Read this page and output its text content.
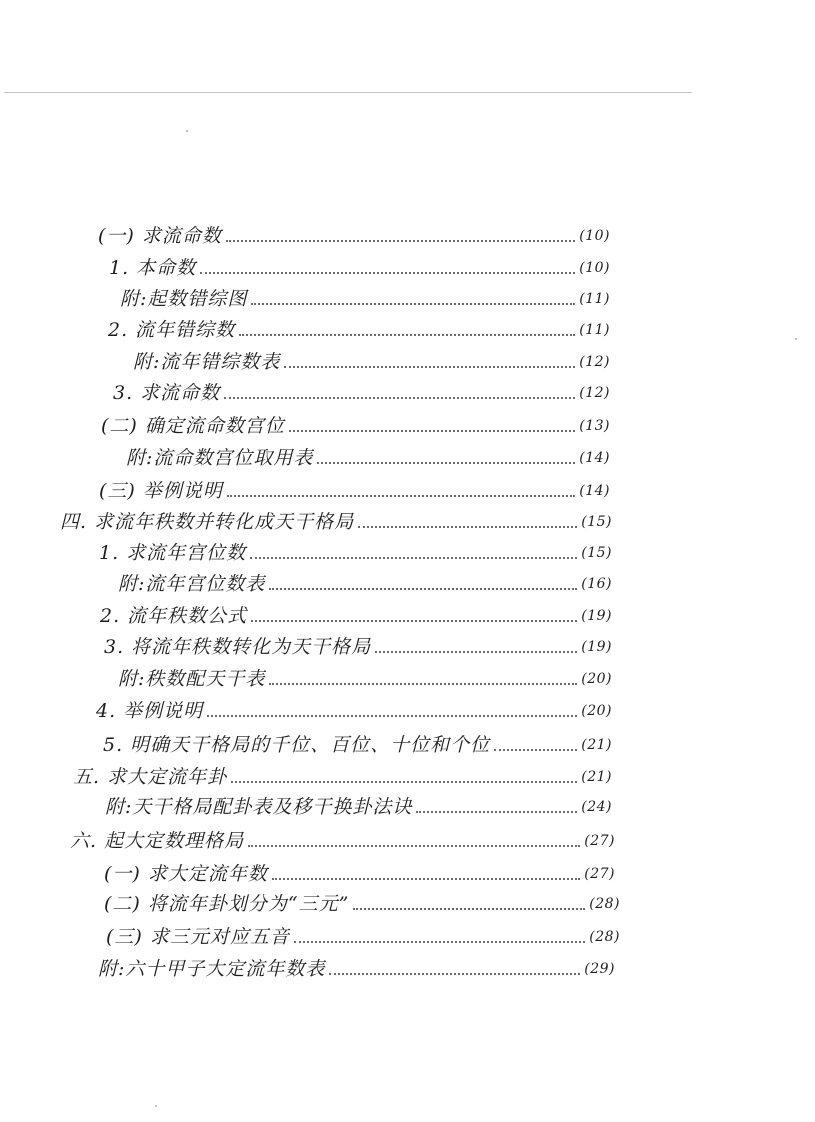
(一) 求流命数	(10)
1. 本命数	(10)
附:起数错综图	(11)
2. 流年错综数	(11)
附:流年错综数表	(12)
3. 求流命数	(12)
(二) 确定流命数宫位	(13)
附:流命数宫位取用表	(14)
(三) 举例说明	(14)
四. 求流年秩数并转化成天干格局	(15)
1. 求流年宫位数	(15)
附:流年宫位数表	(16)
2. 流年秩数公式	(19)
3. 将流年秩数转化为天干格局	(19)
附:秩数配天干表	(20)
4. 举例说明	(20)
5. 明确天干格局的千位、百位、十位和个位	(21)
五. 求大定流年卦	(21)
附:天干格局配卦表及移干换卦法诀	(24)
六. 起大定数理格局	(27)
(一) 求大定流年数	(27)
(二) 将流年卦划分为“三元”	(28)
(三) 求三元对应五音	(28)
附:六十甲子大定流年数表	(29)
